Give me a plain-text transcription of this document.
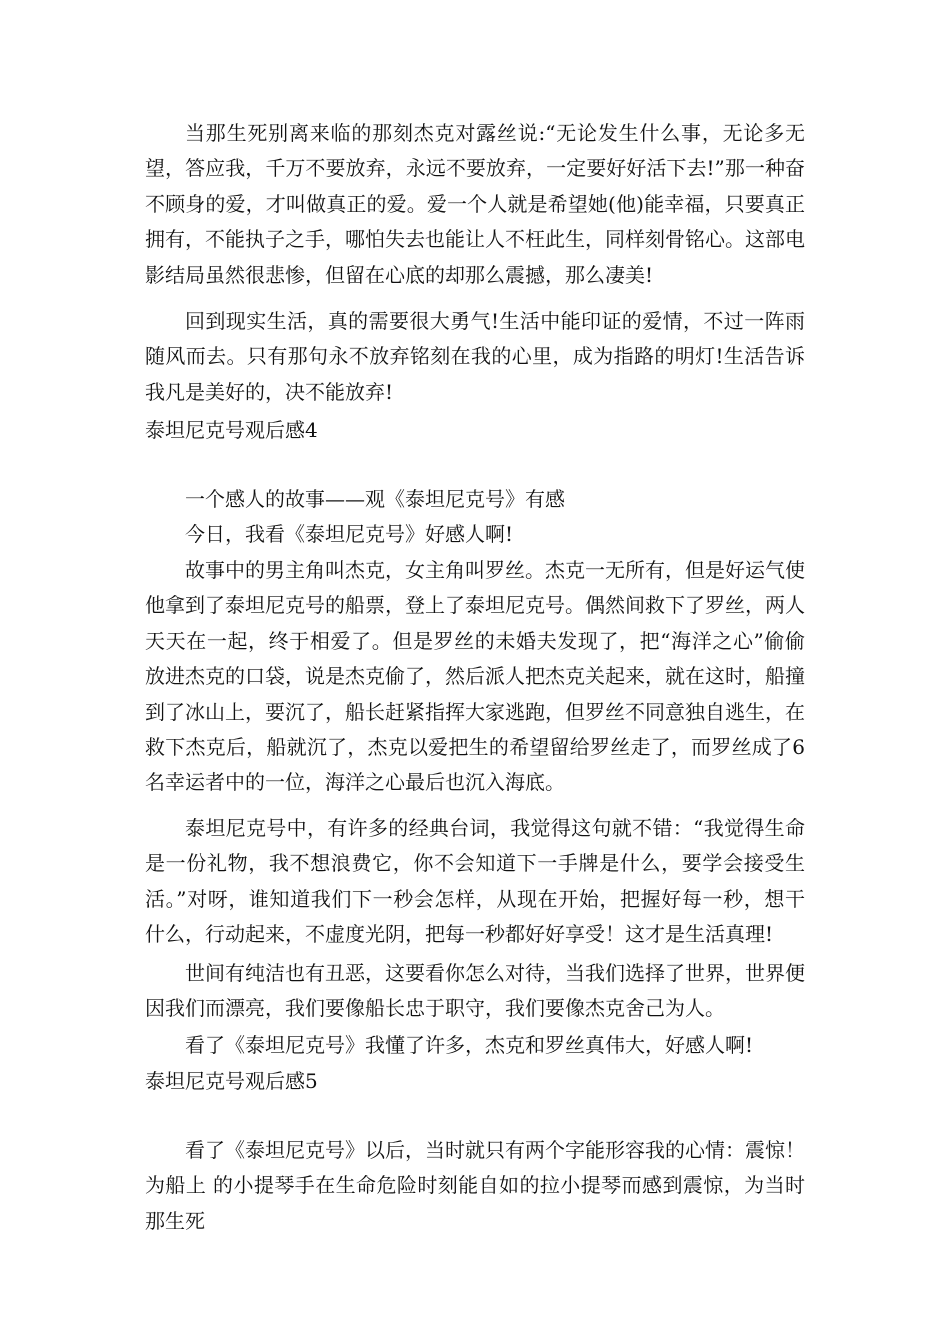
当那生死别离来临的那刻杰克对露丝说:“无论发生什么事，无论多无望，答应我，千万不要放弃，永远不要放弃，一定要好好活下去!”那一种奋不顾身的爱，才叫做真正的爱。爱一个人就是希望她(他)能幸福，只要真正拥有，不能执子之手，哪怕失去也能让人不枉此生，同样刻骨铭心。这部电影结局虽然很悲惨，但留在心底的却那么震撼，那么凄美!

回到现实生活，真的需要很大勇气!生活中能印证的爱情，不过一阵雨随风而去。只有那句永不放弃铭刻在我的心里，成为指路的明灯!生活告诉我凡是美好的，决不能放弃!

泰坦尼克号观后感4

一个感人的故事——观《泰坦尼克号》有感

今日，我看《泰坦尼克号》好感人啊!

故事中的男主角叫杰克，女主角叫罗丝。杰克一无所有，但是好运气使他拿到了泰坦尼克号的船票，登上了泰坦尼克号。偶然间救下了罗丝，两人天天在一起，终于相爱了。但是罗丝的未婚夫发现了，把“海洋之心”偷偷放进杰克的口袋，说是杰克偷了，然后派人把杰克关起来，就在这时，船撞到了冰山上，要沉了，船长赶紧指挥大家逃跑，但罗丝不同意独自逃生，在救下杰克后，船就沉了，杰克以爱把生的希望留给罗丝走了，而罗丝成了6名幸运者中的一位，海洋之心最后也沉入海底。

泰坦尼克号中，有许多的经典台词，我觉得这句就不错：“我觉得生命是一份礼物，我不想浪费它，你不会知道下一手牌是什么，要学会接受生活。”对呀，谁知道我们下一秒会怎样，从现在开始，把握好每一秒，想干什么，行动起来，不虚度光阴，把每一秒都好好享受！这才是生活真理!

世间有纯洁也有丑恶，这要看你怎么对待，当我们选择了世界，世界便因我们而漂亮，我们要像船长忠于职守，我们要像杰克舍己为人。

看了《泰坦尼克号》我懂了许多，杰克和罗丝真伟大，好感人啊!

泰坦尼克号观后感5

看了《泰坦尼克号》以后，当时就只有两个字能形容我的心情：震惊！为船上 的小提琴手在生命危险时刻能自如的拉小提琴而感到震惊，为当时那生死
